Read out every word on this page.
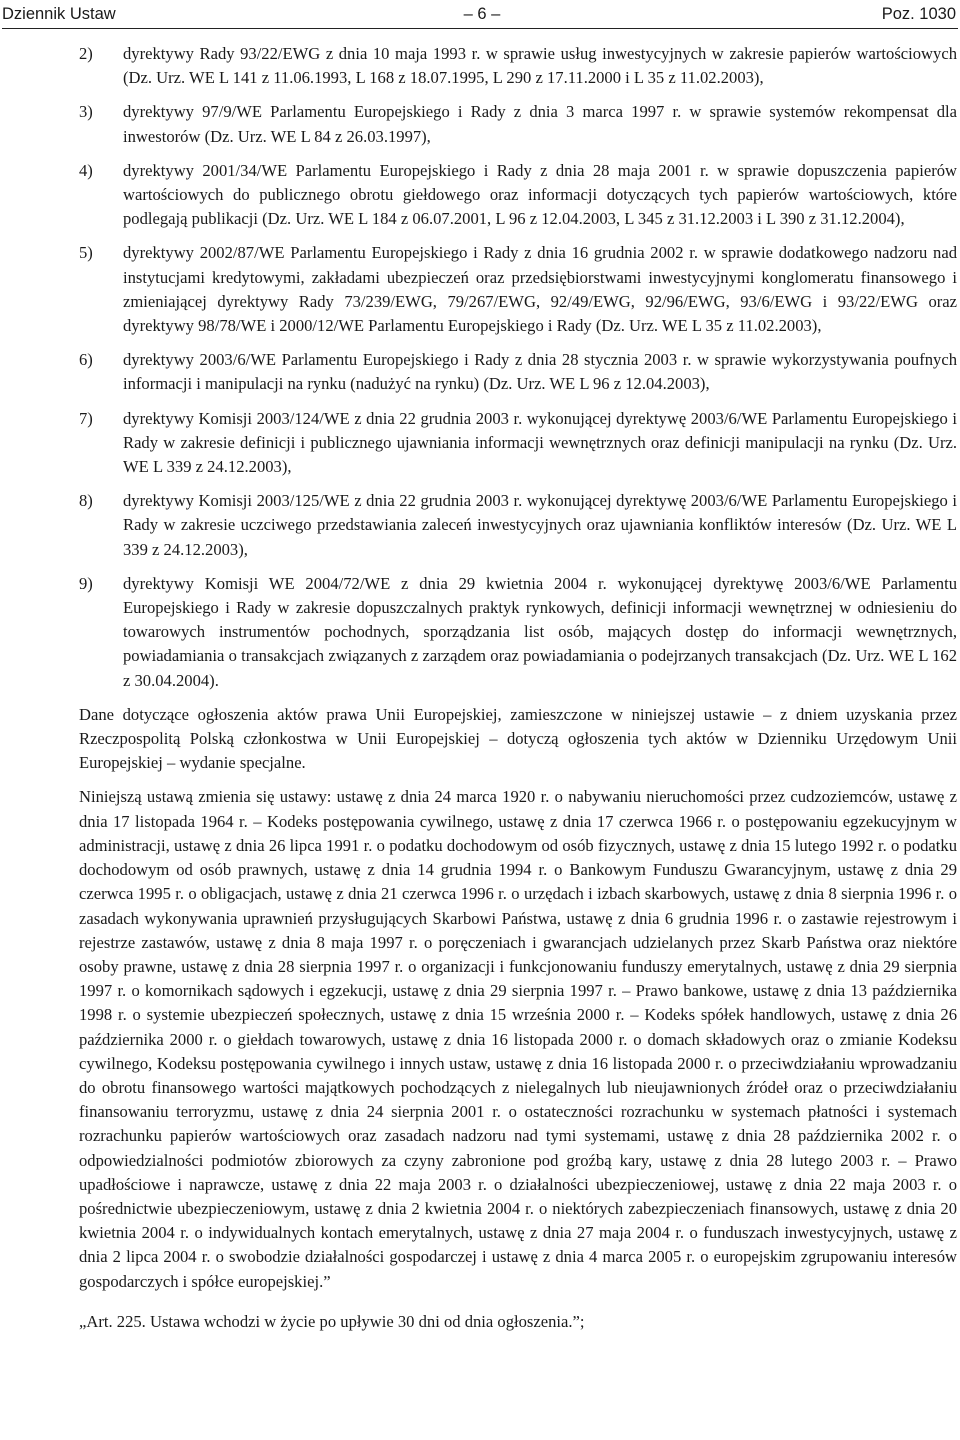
Dziennik Ustaw	– 6 –	Poz. 1030
2) dyrektywy Rady 93/22/EWG z dnia 10 maja 1993 r. w sprawie usług inwestycyjnych w zakresie papierów wartościowych (Dz. Urz. WE L 141 z 11.06.1993, L 168 z 18.07.1995, L 290 z 17.11.2000 i L 35 z 11.02.2003),
3) dyrektywy 97/9/WE Parlamentu Europejskiego i Rady z dnia 3 marca 1997 r. w sprawie systemów rekompensat dla inwestorów (Dz. Urz. WE L 84 z 26.03.1997),
4) dyrektywy 2001/34/WE Parlamentu Europejskiego i Rady z dnia 28 maja 2001 r. w sprawie dopuszczenia papierów wartościowych do publicznego obrotu giełdowego oraz informacji dotyczących tych papierów wartościowych, które podlegają publikacji (Dz. Urz. WE L 184 z 06.07.2001, L 96 z 12.04.2003, L 345 z 31.12.2003 i L 390 z 31.12.2004),
5) dyrektywy 2002/87/WE Parlamentu Europejskiego i Rady z dnia 16 grudnia 2002 r. w sprawie dodatkowego nadzoru nad instytucjami kredytowymi, zakładami ubezpieczeń oraz przedsiębiorstwami inwestycyjnymi konglomeratu finansowego i zmieniającej dyrektywy Rady 73/239/EWG, 79/267/EWG, 92/49/EWG, 92/96/EWG, 93/6/EWG i 93/22/EWG oraz dyrektywy 98/78/WE i 2000/12/WE Parlamentu Europejskiego i Rady (Dz. Urz. WE L 35 z 11.02.2003),
6) dyrektywy 2003/6/WE Parlamentu Europejskiego i Rady z dnia 28 stycznia 2003 r. w sprawie wykorzystywania poufnych informacji i manipulacji na rynku (nadużyć na rynku) (Dz. Urz. WE L 96 z 12.04.2003),
7) dyrektywy Komisji 2003/124/WE z dnia 22 grudnia 2003 r. wykonującej dyrektywę 2003/6/WE Parlamentu Europejskiego i Rady w zakresie definicji i publicznego ujawniania informacji wewnętrznych oraz definicji manipulacji na rynku (Dz. Urz. WE L 339 z 24.12.2003),
8) dyrektywy Komisji 2003/125/WE z dnia 22 grudnia 2003 r. wykonującej dyrektywę 2003/6/WE Parlamentu Europejskiego i Rady w zakresie uczciwego przedstawiania zaleceń inwestycyjnych oraz ujawniania konfliktów interesów (Dz. Urz. WE L 339 z 24.12.2003),
9) dyrektywy Komisji WE 2004/72/WE z dnia 29 kwietnia 2004 r. wykonującej dyrektywę 2003/6/WE Parlamentu Europejskiego i Rady w zakresie dopuszczalnych praktyk rynkowych, definicji informacji wewnętrznej w odniesieniu do towarowych instrumentów pochodnych, sporządzania list osób, mających dostęp do informacji wewnętrznych, powiadamiania o transakcjach związanych z zarządem oraz powiadamiania o podejrzanych transakcjach (Dz. Urz. WE L 162 z 30.04.2004).

Dane dotyczące ogłoszenia aktów prawa Unii Europejskiej, zamieszczone w niniejszej ustawie – z dniem uzyskania przez Rzeczpospolitą Polską członkostwa w Unii Europejskiej – dotyczą ogłoszenia tych aktów w Dzienniku Urzędowym Unii Europejskiej – wydanie specjalne.

Niniejszą ustawą zmienia się ustawy: ustawę z dnia 24 marca 1920 r. o nabywaniu nieruchomości przez cudzoziemców, ustawę z dnia 17 listopada 1964 r. – Kodeks postępowania cywilnego, ustawę z dnia 17 czerwca 1966 r. o postępowaniu egzekucyjnym w administracji, ustawę z dnia 26 lipca 1991 r. o podatku dochodowym od osób fizycznych, ustawę z dnia 15 lutego 1992 r. o podatku dochodowym od osób prawnych, ustawę z dnia 14 grudnia 1994 r. o Bankowym Funduszu Gwarancyjnym, ustawę z dnia 29 czerwca 1995 r. o obligacjach, ustawę z dnia 21 czerwca 1996 r. o urzędach i izbach skarbowych, ustawę z dnia 8 sierpnia 1996 r. o zasadach wykonywania uprawnień przysługujących Skarbowi Państwa, ustawę z dnia 6 grudnia 1996 r. o zastawie rejestrowym i rejestrze zastawów, ustawę z dnia 8 maja 1997 r. o poręczeniach i gwarancjach udzielanych przez Skarb Państwa oraz niektóre osoby prawne, ustawę z dnia 28 sierpnia 1997 r. o organizacji i funkcjonowaniu funduszy emerytalnych, ustawę z dnia 29 sierpnia 1997 r. o komornikach sądowych i egzekucji, ustawę z dnia 29 sierpnia 1997 r. – Prawo bankowe, ustawę z dnia 13 października 1998 r. o systemie ubezpieczeń społecznych, ustawę z dnia 15 września 2000 r. – Kodeks spółek handlowych, ustawę z dnia 26 października 2000 r. o giełdach towarowych, ustawę z dnia 16 listopada 2000 r. o domach składowych oraz o zmianie Kodeksu cywilnego, Kodeksu postępowania cywilnego i innych ustaw, ustawę z dnia 16 listopada 2000 r. o przeciwdziałaniu wprowadzaniu do obrotu finansowego wartości majątkowych pochodzących z nielegalnych lub nieujawnionych źródeł oraz o przeciwdziałaniu finansowaniu terroryzmu, ustawę z dnia 24 sierpnia 2001 r. o ostateczności rozrachunku w systemach płatności i systemach rozrachunku papierów wartościowych oraz zasadach nadzoru nad tymi systemami, ustawę z dnia 28 października 2002 r. o odpowiedzialności podmiotów zbiorowych za czyny zabronione pod groźbą kary, ustawę z dnia 28 lutego 2003 r. – Prawo upadłościowe i naprawcze, ustawę z dnia 22 maja 2003 r. o działalności ubezpieczeniowej, ustawę z dnia 22 maja 2003 r. o pośrednictwie ubezpieczeniowym, ustawę z dnia 2 kwietnia 2004 r. o niektórych zabezpieczeniach finansowych, ustawę z dnia 20 kwietnia 2004 r. o indywidualnych kontach emerytalnych, ustawę z dnia 27 maja 2004 r. o funduszach inwestycyjnych, ustawę z dnia 2 lipca 2004 r. o swobodzie działalności gospodarczej i ustawę z dnia 4 marca 2005 r. o europejskim zgrupowaniu interesów gospodarczych i spółce europejskiej.”

„Art. 225. Ustawa wchodzi w życie po upływie 30 dni od dnia ogłoszenia.”;
